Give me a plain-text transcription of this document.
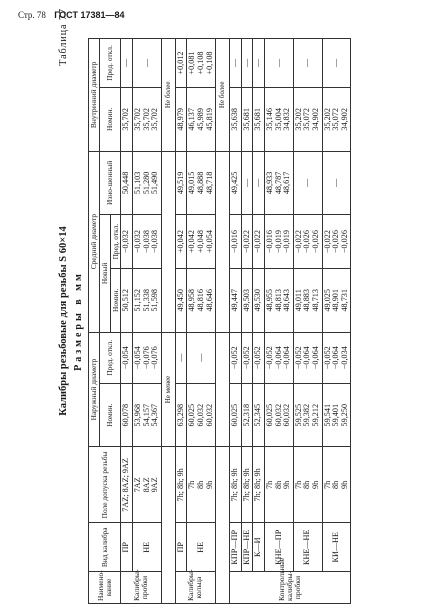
Стр. 78 ГОСТ 17381—84
Таблица 77
Калибры резьбовые для резьбы S 60×14 Размеры в мм
Наимено-вание	Вид калибра	Поле допуска резьбы	Наружный диаметр		Средний диаметр			Внутренний диаметр	
			Номин.	Пред. откл.	Новый		Изно-шенный	Номин.	Пред. откл.
					Номин.	Пред. откл.			
Калибры-пробки	ПР	7AZ; 8AZ; 9AZ	60,078	−0,054	50,512	−0,032	50,448	35,702	—

	НЕ	7AZ 8AZ 9AZ	53,968 54,157 54,367	−0,054 −0,076 −0,076	51,152 51,338 51,598	−0,032 −0,038 −0,038	51,103 51,280 51,490	35,702 35,702 35,702	—

			Не менее					Не более	
Калибры-кольца	ПР	7h; 8h; 9h	63,298	—	49,450	+0,042	49,519	48,979	+0,012

	НЕ	7h 8h 9h	60,025 60,032 60,032	—	48,958 48,816 48,646	+0,042 +0,048 +0,054	49,015 48,888 48,718	46,137 45,989 45,819	+0,081 +0,108 +0,108

								Не более	
Контрольные калибры-пробки	КПР—ПР	7h; 8h; 9h	60,025	−0,052	49,447	−0,016	49,425	35,638	—

	КПР—НЕ	7h; 8h; 9h	52,318	−0,052	49,503	−0,022	—	35,681	—

	К—И	7h; 8h; 9h	52,345	−0,052	49,530	−0,022	—	35,681	—

	КНЕ—ПР	7h 8h 9h	60,025 60,032 60,032	−0,052 −0,064 −0,064	48,955 48,813 48,643	−0,016 −0,019 −0,019	48,933 48,787 48,617	35,146 35,004 34,832	—

	КНЕ—НЕ	7h 8h 9h	59,525 59,382 59,212	−0,052 −0,064 −0,064	49,011 48,883 48,713	−0,022 −0,026 −0,026	—	35,202 35,072 34,902	—

	КИ—НЕ	7h 8h 9h	59,541 59,401 59,250	−0,052 −0,064 −0,034	49,025 48,901 48,731	−0,022 −0,026 −0,026	—	35,202 35,072 34,902	—
